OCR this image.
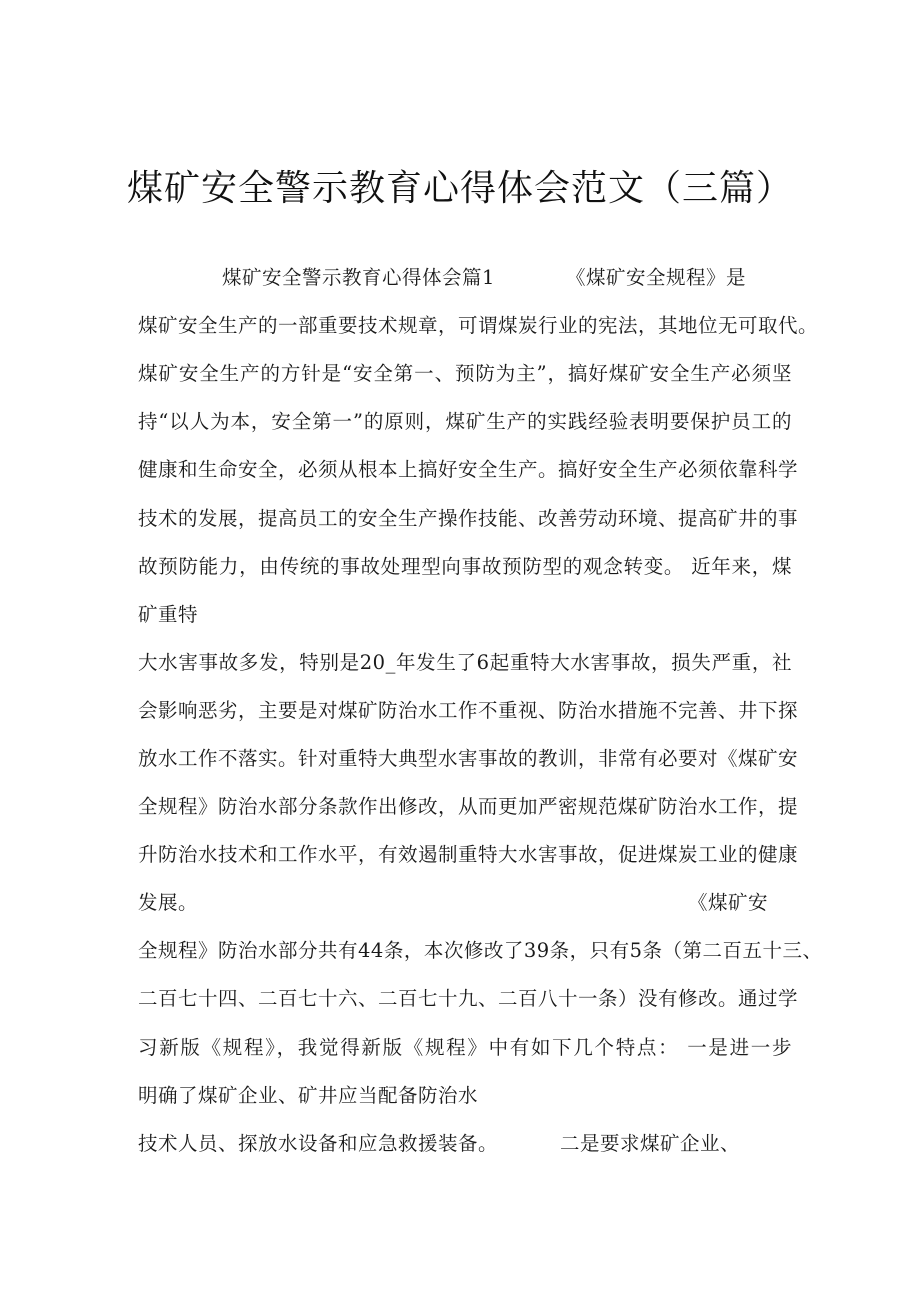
煤矿安全警示教育心得体会范文（三篇）
煤矿安全警示教育心得体会篇1	《煤矿安全规程》是
煤矿安全生产的一部重要技术规章，可谓煤炭行业的宪法，其地位无可取代。
煤矿安全生产的方针是“安全第一、预防为主”，搞好煤矿安全生产必须坚
持“以人为本，安全第一”的原则，煤矿生产的实践经验表明要保护员工的
健康和生命安全，必须从根本上搞好安全生产。搞好安全生产必须依靠科学
技术的发展，提高员工的安全生产操作技能、改善劳动环境、提高矿井的事
故预防能力，由传统的事故处理型向事故预防型的观念转变。 近年来，煤
矿重特
大水害事故多发，特别是20_年发生了6起重特大水害事故，损失严重，社
会影响恶劣，主要是对煤矿防治水工作不重视、防治水措施不完善、井下探
放水工作不落实。针对重特大典型水害事故的教训，非常有必要对《煤矿安
全规程》防治水部分条款作出修改，从而更加严密规范煤矿防治水工作，提
升防治水技术和工作水平，有效遏制重特大水害事故，促进煤炭工业的健康
发展。	《煤矿安
全规程》防治水部分共有44条，本次修改了39条，只有5条（第二百五十三、
二百七十四、二百七十六、二百七十九、二百八十一条）没有修改。通过学
习新版《规程》，我觉得新版《规程》中有如下几个特点： 一是进一步
明确了煤矿企业、矿井应当配备防治水
技术人员、探放水设备和应急救援装备。	二是要求煤矿企业、
